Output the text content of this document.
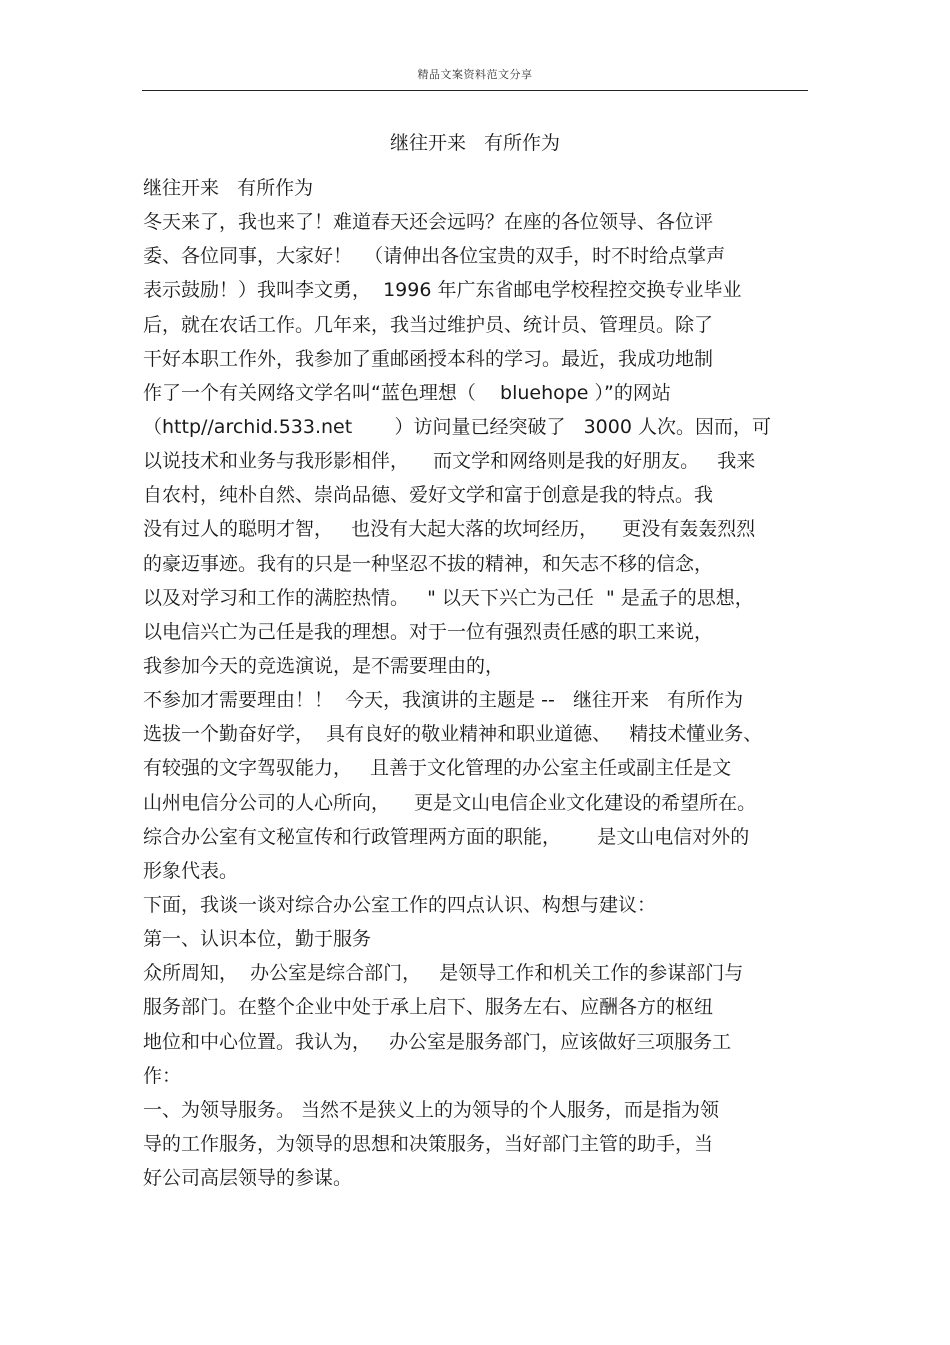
精品文案资料范文分享
继往开来   有所作为
继往开来   有所作为
冬天来了，我也来了！难道春天还会远吗？在座的各位领导、各位评
委、各位同事，大家好！  （请伸出各位宝贵的双手，时不时给点掌声
表示鼓励！）我叫李文勇，  1996 年广东省邮电学校程控交换专业毕业
后，就在农话工作。几年来，我当过维护员、统计员、管理员。除了
干好本职工作外，我参加了重邮函授本科的学习。最近，我成功地制
作了一个有关网络文学名叫“蓝色理想（    bluehope ）”的网站
（http//archid.533.net       ）访问量已经突破了   3000 人次。因而，可
以说技术和业务与我形影相伴，    而文学和网络则是我的好朋友。   我来
自农村，纯朴自然、崇尚品德、爱好文学和富于创意是我的特点。我
没有过人的聪明才智，   也没有大起大落的坎坷经历，    更没有轰轰烈烈
的豪迈事迹。我有的只是一种坚忍不拔的精神，和矢志不移的信念，
以及对学习和工作的满腔热情。   " 以天下兴亡为己任  " 是孟子的思想，
以电信兴亡为己任是我的理想。对于一位有强烈责任感的职工来说，
我参加今天的竞选演说，是不需要理由的，
不参加才需要理由！！  今天，我演讲的主题是 --   继往开来   有所作为
选拔一个勤奋好学，  具有良好的敬业精神和职业道德、   精技术懂业务、
有较强的文字驾驭能力，   且善于文化管理的办公室主任或副主任是文
山州电信分公司的人心所向，    更是文山电信企业文化建设的希望所在。
综合办公室有文秘宣传和行政管理两方面的职能，      是文山电信对外的
形象代表。
下面，我谈一谈对综合办公室工作的四点认识、构想与建议：
第一、认识本位，勤于服务
众所周知，  办公室是综合部门，   是领导工作和机关工作的参谋部门与
服务部门。在整个企业中处于承上启下、服务左右、应酬各方的枢纽
地位和中心位置。我认为，   办公室是服务部门，应该做好三项服务工
作：
一、为领导服务。 当然不是狭义上的为领导的个人服务，而是指为领
导的工作服务，为领导的思想和决策服务，当好部门主管的助手，当
好公司高层领导的参谋。
